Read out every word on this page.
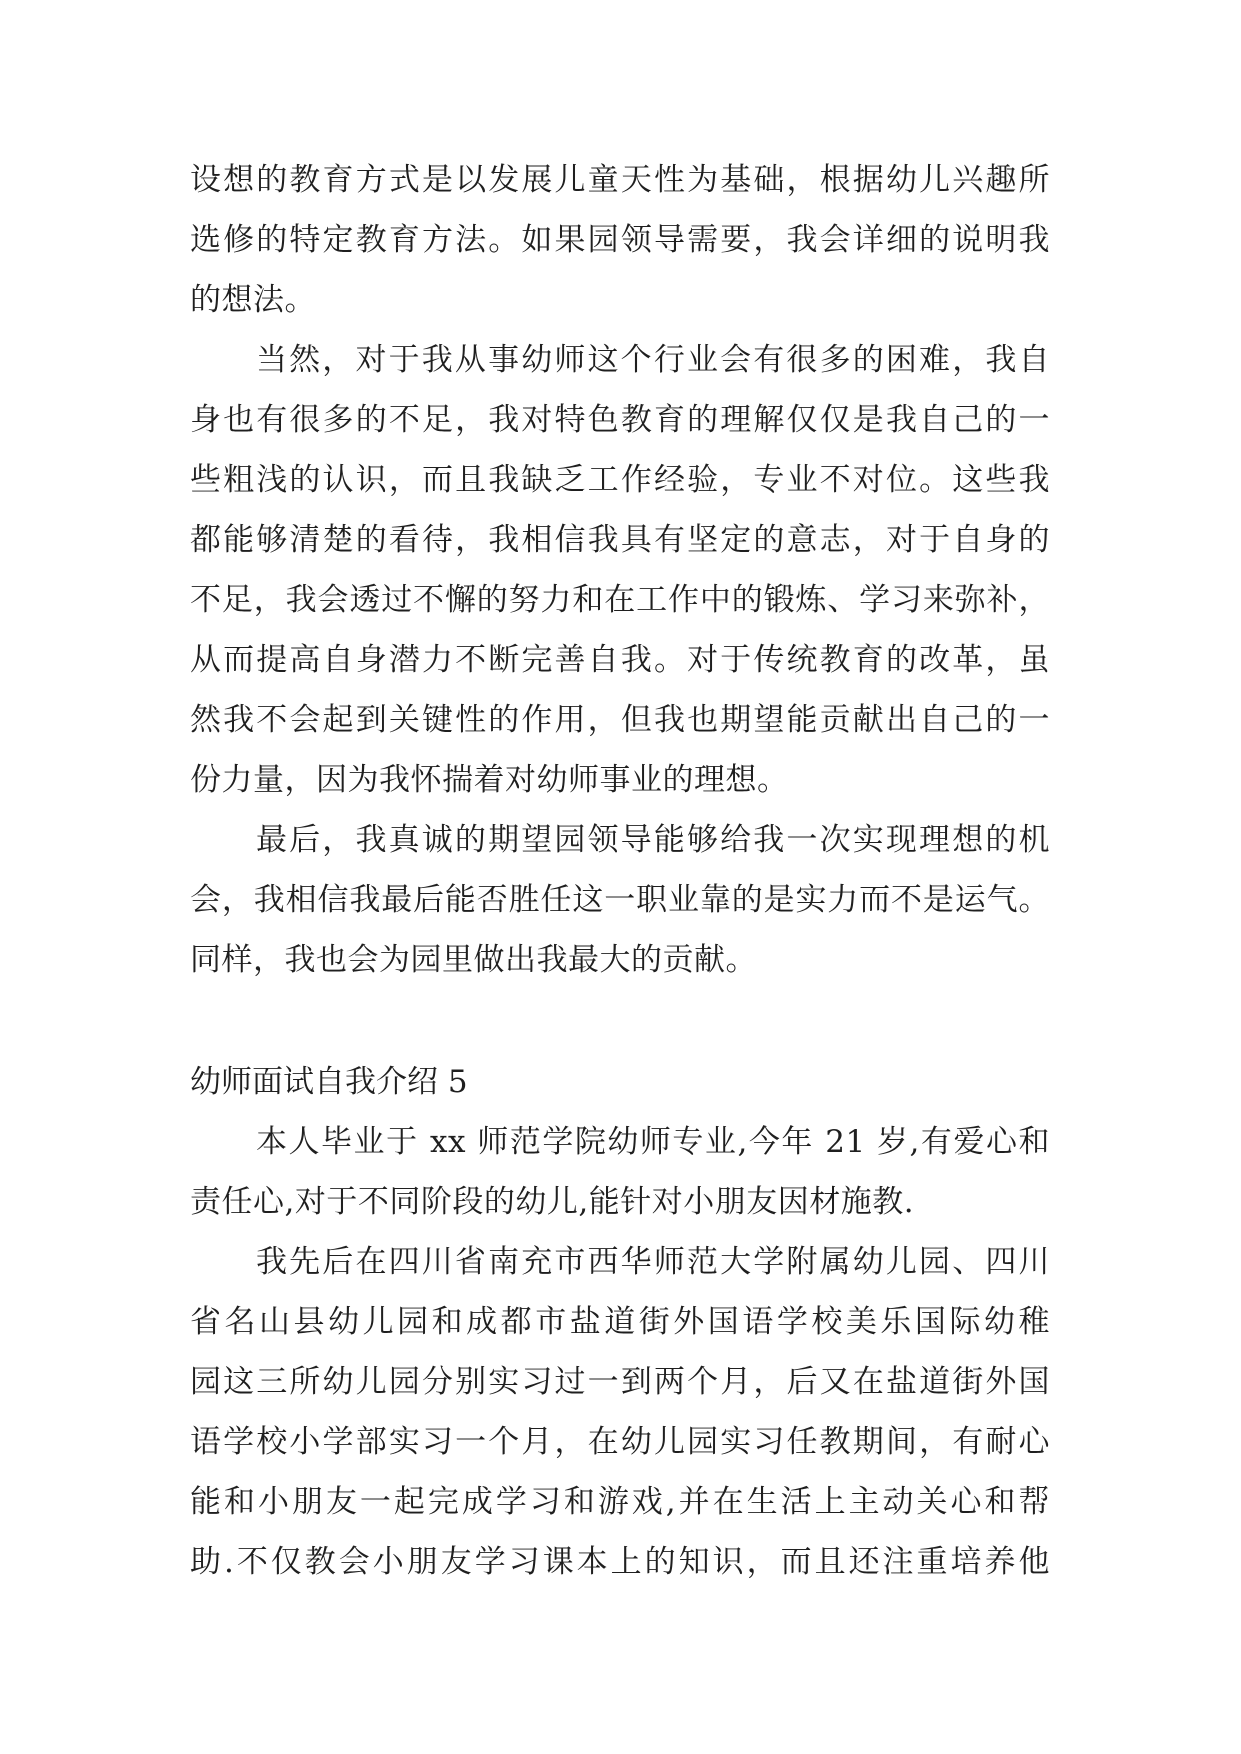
设想的教育方式是以发展儿童天性为基础，根据幼儿兴趣所
选修的特定教育方法。如果园领导需要，我会详细的说明我
的想法。
当然，对于我从事幼师这个行业会有很多的困难，我自
身也有很多的不足，我对特色教育的理解仅仅是我自己的一
些粗浅的认识，而且我缺乏工作经验，专业不对位。这些我
都能够清楚的看待，我相信我具有坚定的意志，对于自身的
不足，我会透过不懈的努力和在工作中的锻炼、学习来弥补，
从而提高自身潜力不断完善自我。对于传统教育的改革，虽
然我不会起到关键性的作用，但我也期望能贡献出自己的一
份力量，因为我怀揣着对幼师事业的理想。
最后，我真诚的期望园领导能够给我一次实现理想的机
会，我相信我最后能否胜任这一职业靠的是实力而不是运气。
同样，我也会为园里做出我最大的贡献。
幼师面试自我介绍 5
本人毕业于 xx 师范学院幼师专业,今年 21 岁,有爱心和
责任心,对于不同阶段的幼儿,能针对小朋友因材施教.
我先后在四川省南充市西华师范大学附属幼儿园、四川
省名山县幼儿园和成都市盐道街外国语学校美乐国际幼稚
园这三所幼儿园分别实习过一到两个月，后又在盐道街外国
语学校小学部实习一个月，在幼儿园实习任教期间，有耐心
能和小朋友一起完成学习和游戏,并在生活上主动关心和帮
助.不仅教会小朋友学习课本上的知识，而且还注重培养他
